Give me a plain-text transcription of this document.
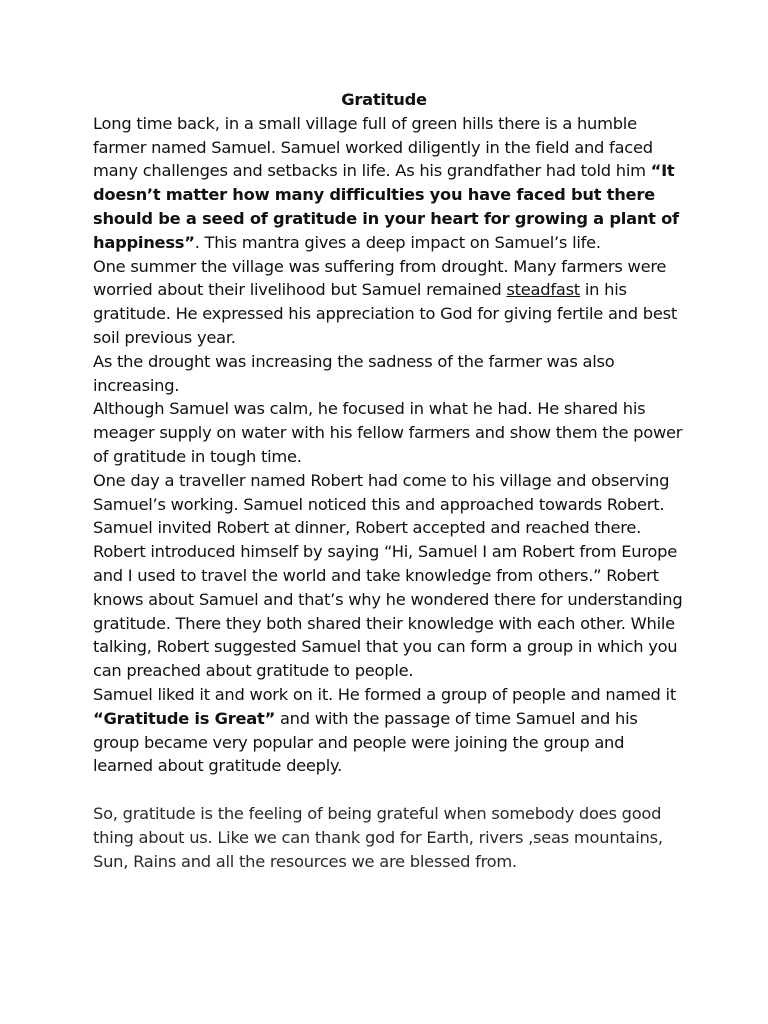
Gratitude

Long time back, in a small village full of green hills there is a humble farmer named Samuel. Samuel worked diligently in the field and faced many challenges and setbacks in life. As his grandfather had told him “It doesn’t matter how many difficulties you have faced but there should be a seed of gratitude in your heart for growing a plant of happiness”. This mantra gives a deep impact on Samuel’s life.

One summer the village was suffering from drought. Many farmers were worried about their livelihood but Samuel remained steadfast in his gratitude. He expressed his appreciation to God for giving fertile and best soil previous year.

As the drought was increasing the sadness of the farmer was also increasing.

Although Samuel was calm, he focused in what he had. He shared his meager supply on water with his fellow farmers and show them the power of gratitude in tough time.

One day a traveller named Robert had come to his village and observing Samuel’s working. Samuel noticed this and approached towards Robert. Samuel invited Robert at dinner, Robert accepted and reached there. Robert introduced himself by saying “Hi, Samuel I am Robert from Europe and I used to travel the world and take knowledge from others.” Robert knows about Samuel and that’s why he wondered there for understanding gratitude. There they both shared their knowledge with each other. While talking, Robert suggested Samuel that you can form a group in which you can preached about gratitude to people.

Samuel liked it and work on it. He formed a group of people and named it “Gratitude is Great” and with the passage of time Samuel and his group became very popular and people were joining the group and learned about gratitude deeply.

So, gratitude is the feeling of being grateful when somebody does good thing about us. Like we can thank god for Earth, rivers ,seas mountains, Sun, Rains and all the resources we are blessed from.
